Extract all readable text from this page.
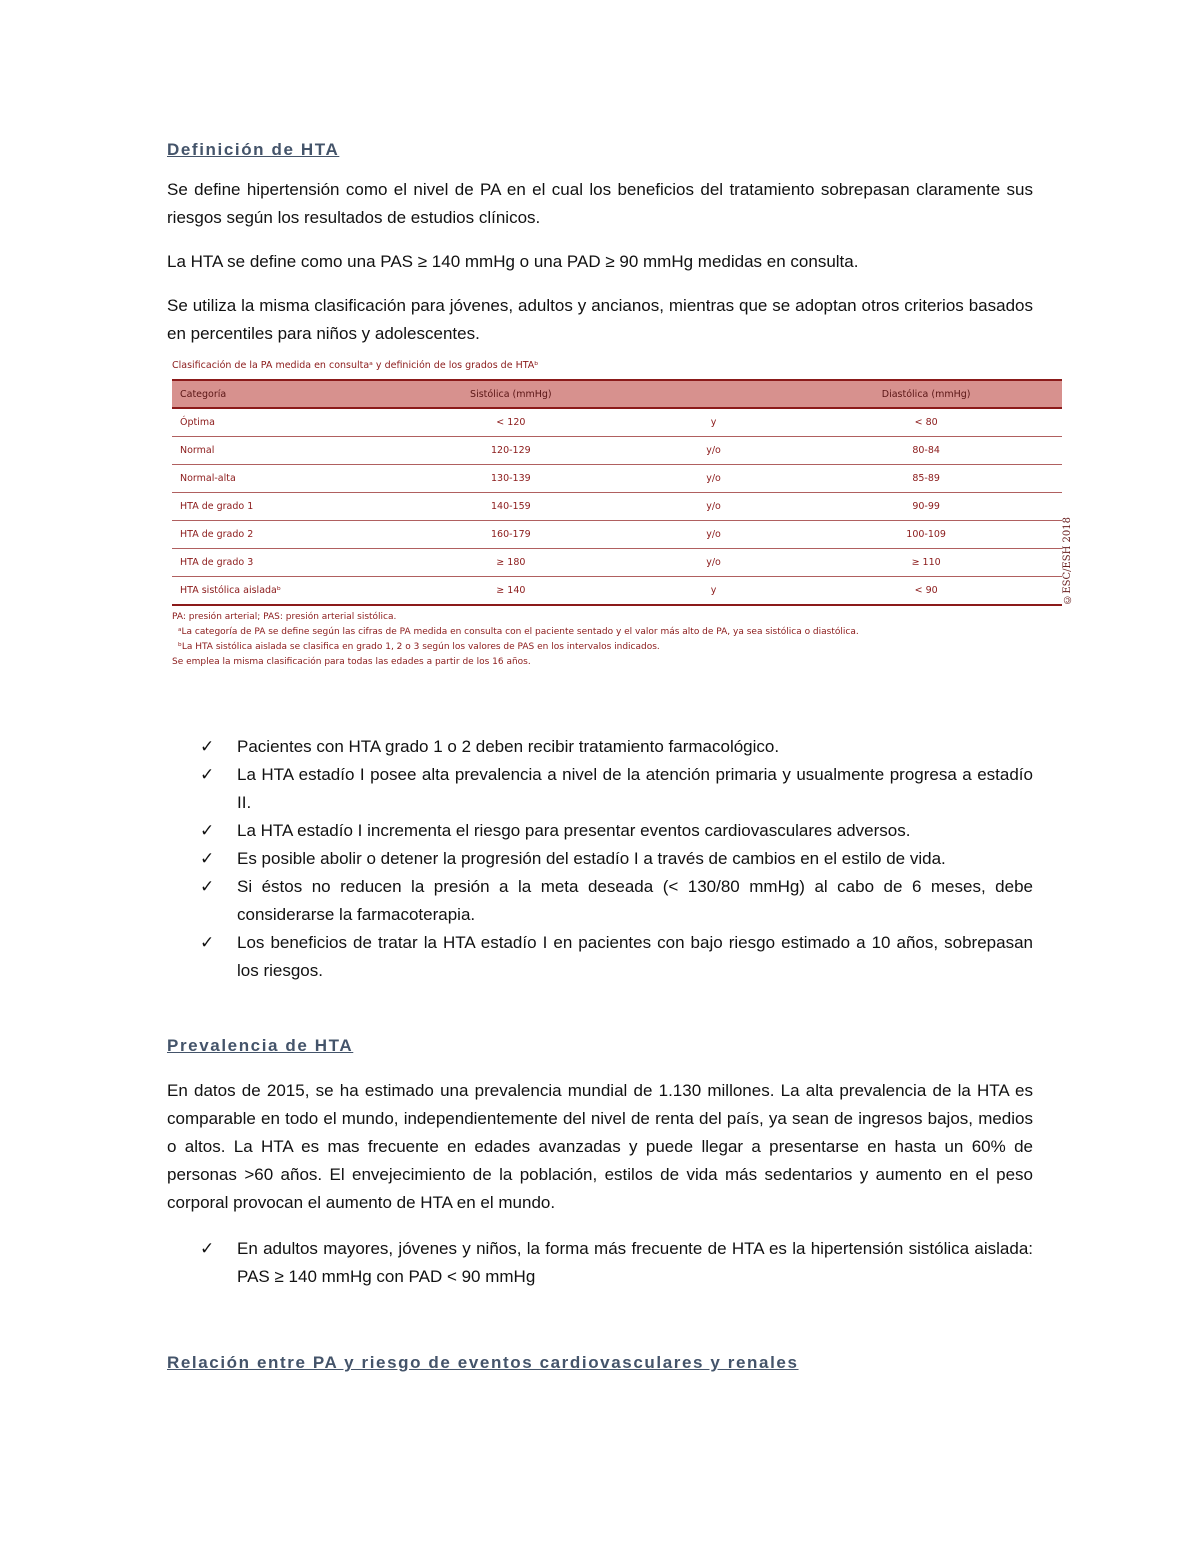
Definición de HTA

Se define hipertensión como el nivel de PA en el cual los beneficios del tratamiento sobrepasan claramente sus riesgos según los resultados de estudios clínicos.

La HTA se define como una PAS ≥ 140 mmHg o una PAD ≥ 90 mmHg medidas en consulta.

Se utiliza la misma clasificación para jóvenes, adultos y ancianos, mientras que se adoptan otros criterios basados en percentiles para niños y adolescentes.

Clasificación de la PA medida en consultaᵃ y definición de los grados de HTAᵇ

Categoría	Sistólica (mmHg)		Diastólica (mmHg)
Óptima	< 120	y	< 80
Normal	120-129	y/o	80-84
Normal-alta	130-139	y/o	85-89
HTA de grado 1	140-159	y/o	90-99
HTA de grado 2	160-179	y/o	100-109
HTA de grado 3	≥ 180	y/o	≥ 110
HTA sistólica aisladaᵇ	≥ 140	y	< 90
PA: presión arterial; PAS: presión arterial sistólica.
ᵃLa categoría de PA se define según las cifras de PA medida en consulta con el paciente sentado y el valor más alto de PA, ya sea sistólica o diastólica.
ᵇLa HTA sistólica aislada se clasifica en grado 1, 2 o 3 según los valores de PAS en los intervalos indicados.
Se emplea la misma clasificación para todas las edades a partir de los 16 años.
©ESC/ESH 2018
✓ Pacientes con HTA grado 1 o 2 deben recibir tratamiento farmacológico.
✓ La HTA estadío I posee alta prevalencia a nivel de la atención primaria y usualmente progresa a estadío II.
✓ La HTA estadío I incrementa el riesgo para presentar eventos cardiovasculares adversos.
✓ Es posible abolir o detener la progresión del estadío I a través de cambios en el estilo de vida.
✓ Si éstos no reducen la presión a la meta deseada (< 130/80 mmHg) al cabo de 6 meses, debe considerarse la farmacoterapia.
✓ Los beneficios de tratar la HTA estadío I en pacientes con bajo riesgo estimado a 10 años, sobrepasan los riesgos.

Prevalencia de HTA

En datos de 2015, se ha estimado una prevalencia mundial de 1.130 millones. La alta prevalencia de la HTA es comparable en todo el mundo, independientemente del nivel de renta del país, ya sean de ingresos bajos, medios o altos. La HTA es mas frecuente en edades avanzadas y puede llegar a presentarse en hasta un 60% de personas >60 años. El envejecimiento de la población, estilos de vida más sedentarios y aumento en el peso corporal provocan el aumento de HTA en el mundo.

✓ En adultos mayores, jóvenes y niños, la forma más frecuente de HTA es la hipertensión sistólica aislada: PAS ≥ 140 mmHg con PAD < 90 mmHg

Relación entre PA y riesgo de eventos cardiovasculares y renales
